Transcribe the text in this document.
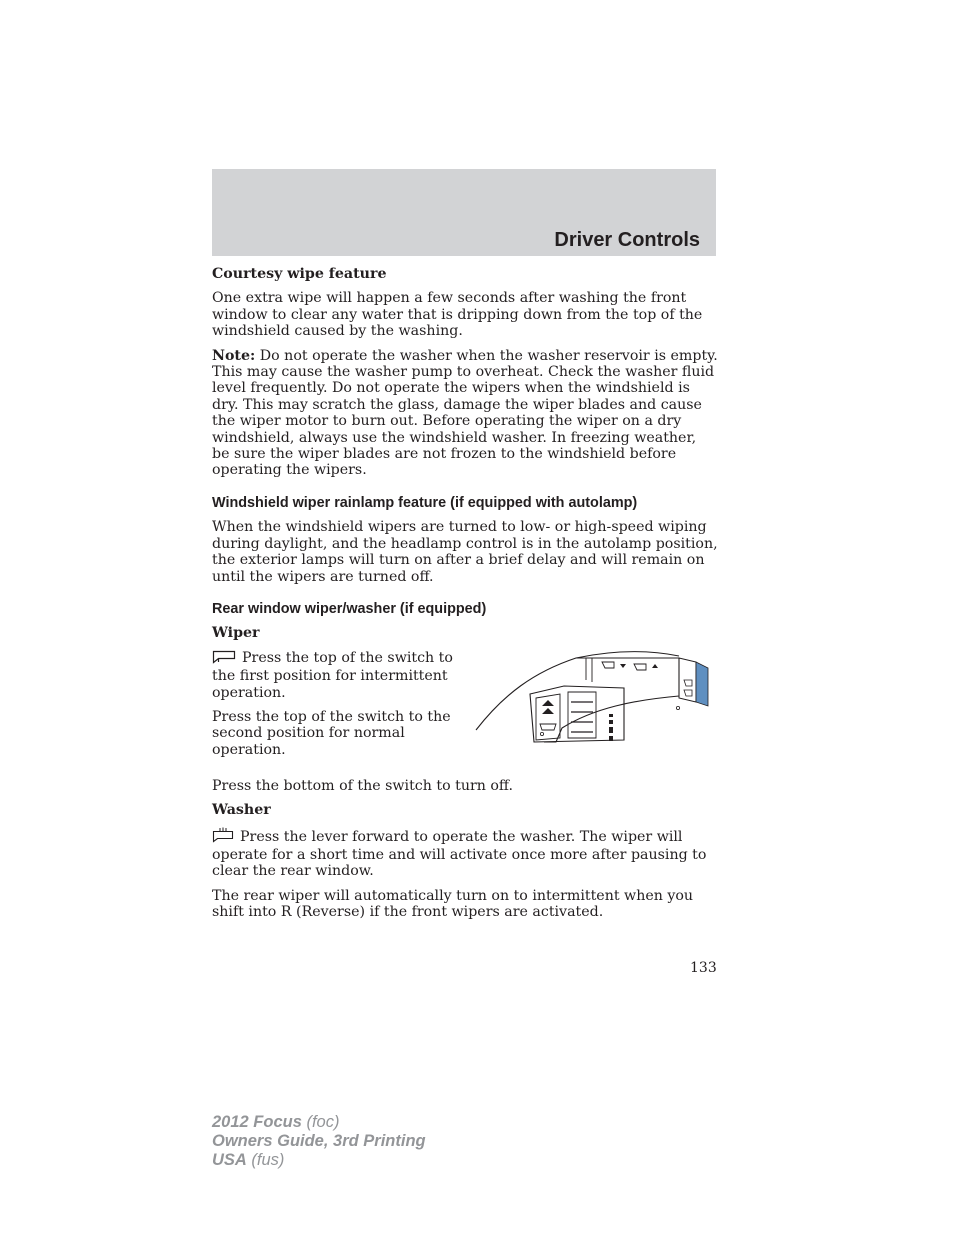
Driver Controls
Courtesy wipe feature

One extra wipe will happen a few seconds after washing the front window to clear any water that is dripping down from the top of the windshield caused by the washing.

Note: Do not operate the washer when the washer reservoir is empty. This may cause the washer pump to overheat. Check the washer fluid level frequently. Do not operate the wipers when the windshield is dry. This may scratch the glass, damage the wiper blades and cause the wiper motor to burn out. Before operating the wiper on a dry windshield, always use the windshield washer. In freezing weather, be sure the wiper blades are not frozen to the windshield before operating the wipers.

Windshield wiper rainlamp feature (if equipped with autolamp)

When the windshield wipers are turned to low- or high-speed wiping during daylight, and the headlamp control is in the autolamp position, the exterior lamps will turn on after a brief delay and will remain on until the wipers are turned off.

Rear window wiper/washer (if equipped)
Wiper

Press the top of the switch to the first position for intermittent operation.

Press the top of the switch to the second position for normal operation.

Press the bottom of the switch to turn off.

Washer

Press the lever forward to operate the washer. The wiper will operate for a short time and will activate once more after pausing to clear the rear window.

The rear wiper will automatically turn on to intermittent when you shift into R (Reverse) if the front wipers are activated.

133
2012 Focus (foc)
Owners Guide, 3rd Printing
USA (fus)
